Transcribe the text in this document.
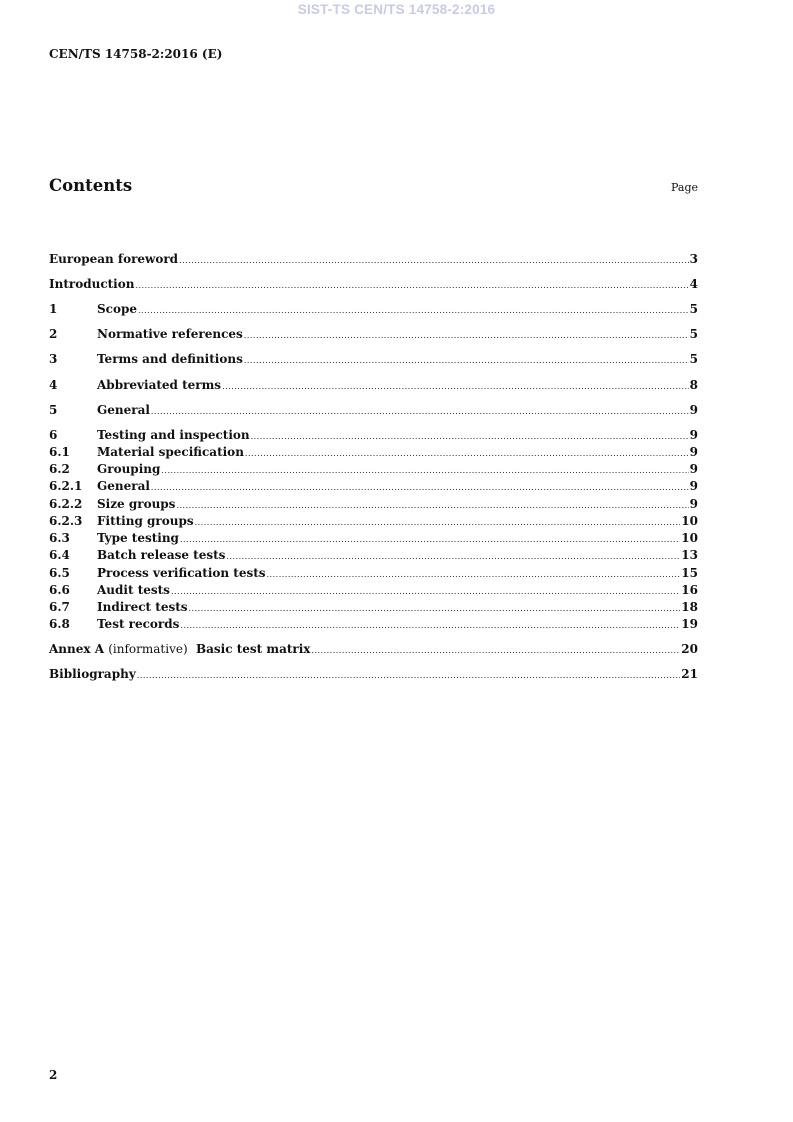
SIST-TS CEN/TS 14758-2:2016
CEN/TS 14758-2:2016 (E)
Contents	Page
European foreword .....	3
Introduction .....	4
1	Scope .....	5
2	Normative references .....	5
3	Terms and definitions .....	5
4	Abbreviated terms .....	8
5	General .....	9
6	Testing and inspection .....	9
6.1	Material specification .....	9
6.2	Grouping .....	9
6.2.1	General .....	9
6.2.2	Size groups .....	9
6.2.3	Fitting groups .....	10
6.3	Type testing .....	10
6.4	Batch release tests .....	13
6.5	Process verification tests .....	15
6.6	Audit tests .....	16
6.7	Indirect tests .....	18
6.8	Test records .....	19
Annex A (informative) Basic test matrix .....	20
Bibliography .....	21
2
